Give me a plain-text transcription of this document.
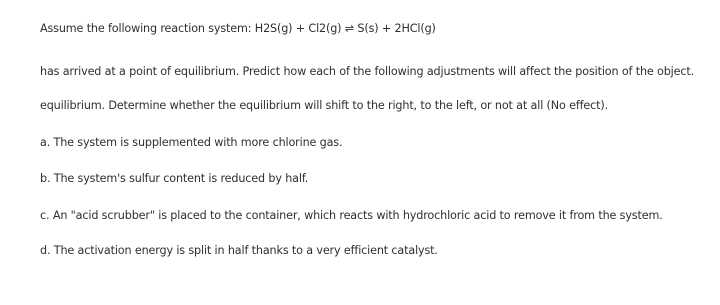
Assume the following reaction system: H2S(g) + Cl2(g) ⇌ S(s) + 2HCl(g)
has arrived at a point of equilibrium. Predict how each of the following adjustments will affect the position of the object.
equilibrium. Determine whether the equilibrium will shift to the right, to the left, or not at all (No effect).
a. The system is supplemented with more chlorine gas.
b. The system's sulfur content is reduced by half.
c. An "acid scrubber" is placed to the container, which reacts with hydrochloric acid to remove it from the system.
d. The activation energy is split in half thanks to a very efficient catalyst.
